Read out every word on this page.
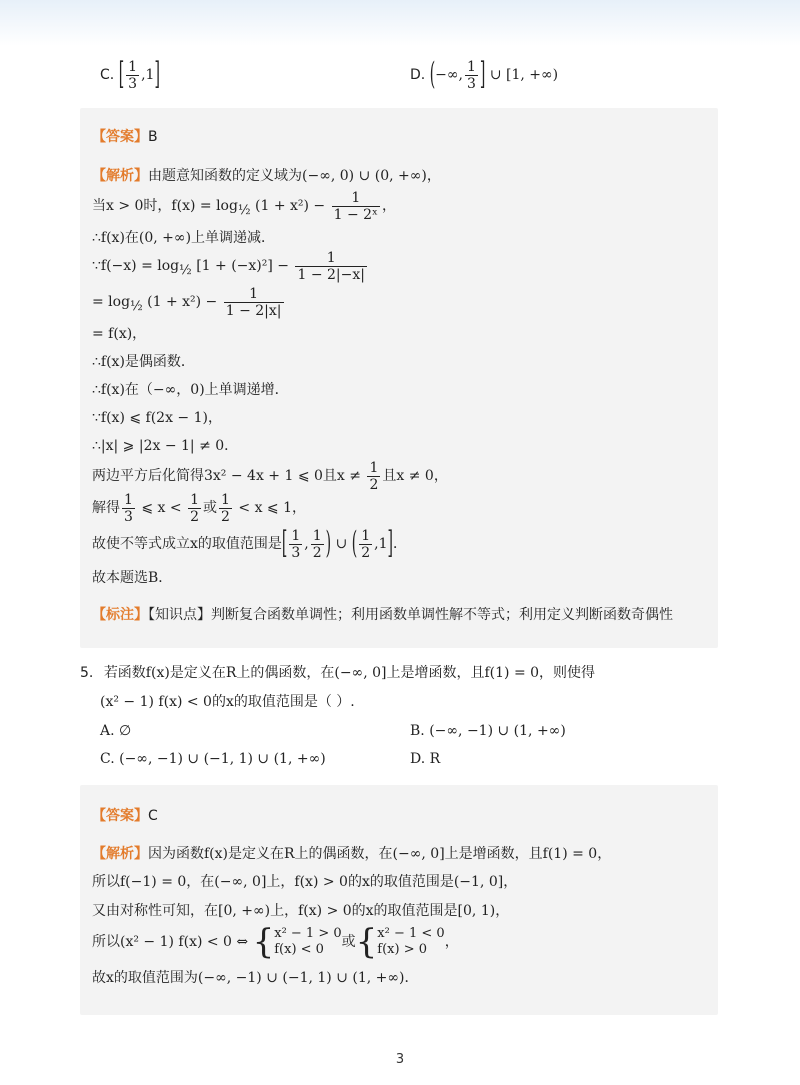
C. [ $\frac{1}{3} ,1$]	D. (−∞, $\frac{1}{3}$ ] ∪ [1, +∞)
【答案】B
【解析】由题意知函数的定义域为(−∞, 0) ∪ (0, +∞)，
当x > 0时，$f(x) = \log_{\frac{1}{2}} (1 + x^2) - \frac{1}{\text{1 − 2ˣ}}$ ，
∴f(x)在(0, +∞)上单调递减．
∵f(−x) = $\log_{\frac{1}{2}} [1 + (-x)^2] - \frac{1}{1 - 2|-x|}$
= $\log_{\frac{1}{2}} (1 + x^2) - \frac{1}{1 - 2|x|}$
= f(x)，
∴f(x)是偶函数．
∴f(x)在（−∞，0)上单调递增．
∵f(x) ⩽ f(2x − 1)，
∴|x| ⩾ |2x − 1| ≠ 0．
两边平方后化简得3x² − 4x + 1 ⩽ 0且$x \ne \frac{1}{2}$ 且x ≠ 0，
解得 $\frac{1}{3}$ ⩽ $x < \frac{1}{2}$ 或 $\frac{1}{2} < x$ ⩽ 1，
故使不等式成立x的取值范围是[ $\frac{1}{3}$ , $\frac{1}{2}$ ) ∪ ( $\frac{1}{2} ,1$]．
故本题选B．
【标注】【知识点】判断复合函数单调性；利用函数单调性解不等式；利用定义判断函数奇偶性
5. 若函数f(x)是定义在R上的偶函数，在(−∞, 0]上是增函数，且f(1) = 0，则使得
(x² − 1) f(x) < 0的x的取值范围是（ ）.
A. ∅	B. (−∞, −1) ∪ (1, +∞)
C. (−∞, −1) ∪ (−1, 1) ∪ (1, +∞)	D. R
【答案】C
【解析】因为函数f(x)是定义在R上的偶函数，在(−∞, 0]上是增函数，且f(1) = 0，
所以f(−1) = 0，在(−∞, 0]上，f(x) > 0的x的取值范围是(−1, 0]，
又由对称性可知，在[0, +∞)上，f(x) > 0的x的取值范围是[0, 1)，
所以(x² − 1) f(x) < 0 ⇔ { x² − 1 > 0
f(x) < 0	或{ x² − 1 < 0
f(x) > 0	，
故x的取值范围为(−∞, −1) ∪ (−1, 1) ∪ (1, +∞)．
3
